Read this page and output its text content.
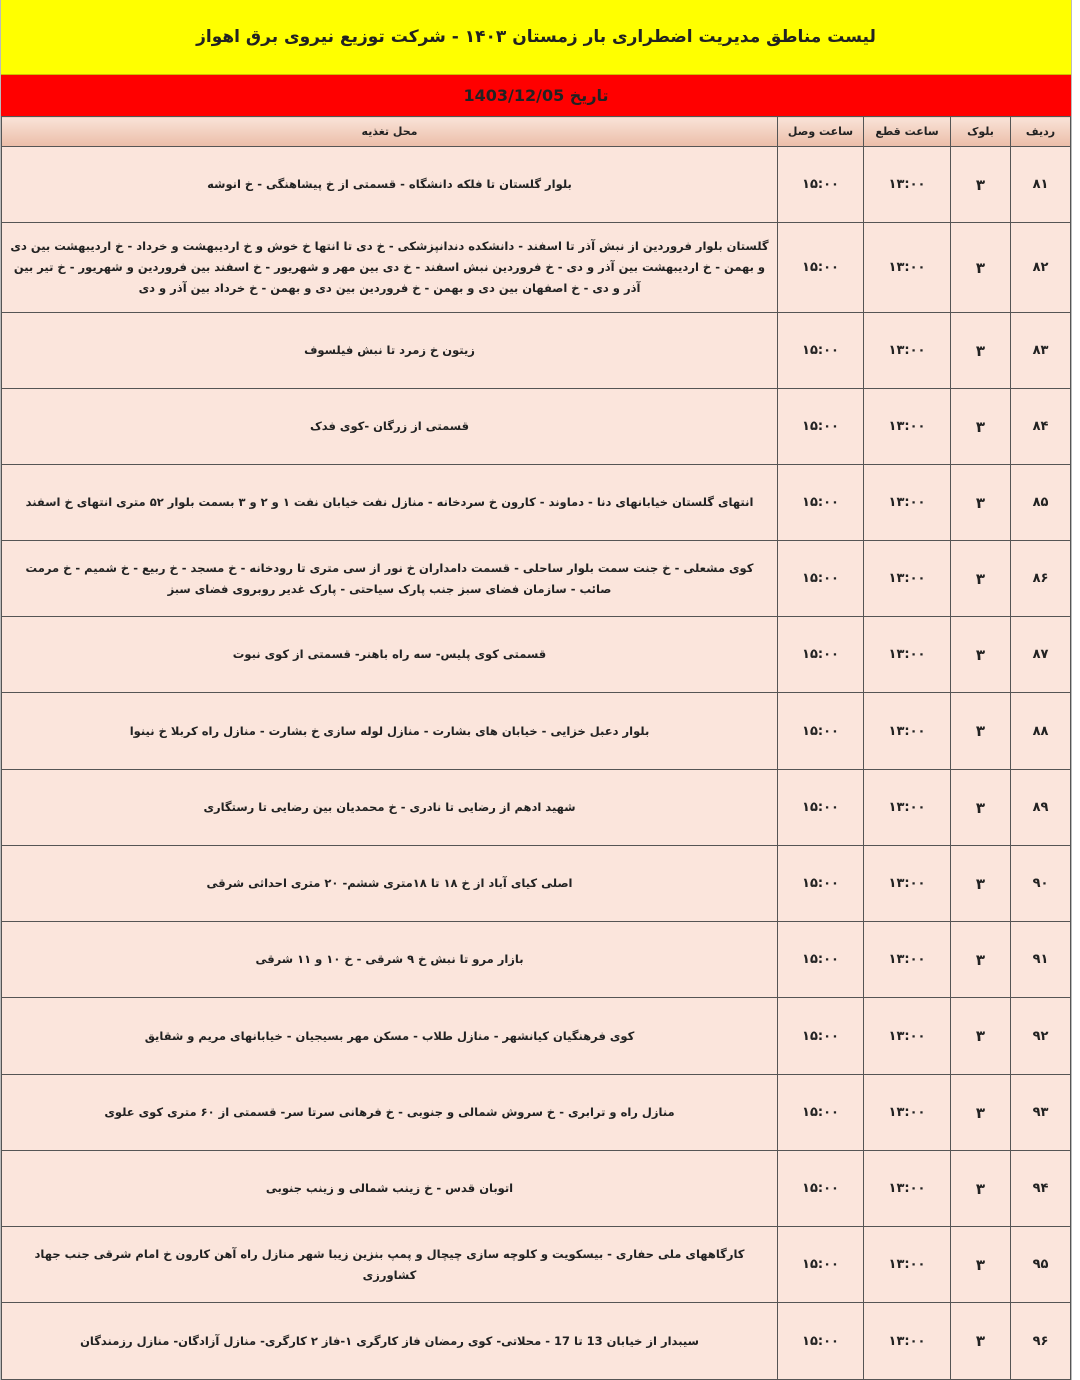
لیست مناطق مدیریت اضطراری بار زمستان ۱۴۰۳ - شرکت توزیع نیروی برق اهواز
تاریخ 1403/12/05
ردیف	بلوک	ساعت قطع	ساعت وصل	محل تغذیه
۸۱	۳	۱۳:۰۰	۱۵:۰۰	بلوار گلستان تا فلکه دانشگاه - قسمتی از خ پیشاهنگی - خ انوشه
۸۲	۳	۱۳:۰۰	۱۵:۰۰	گلستان بلوار فروردین از نبش آذر تا اسفند - دانشکده دندانپزشکی - خ دی تا انتها خ خوش و خ اردیبهشت و خرداد - خ اردیبهشت بین دی و بهمن - خ اردیبهشت بین آذر و دی - خ فروردین نبش اسفند - خ دی بین مهر و شهریور - خ اسفند بین فروردین و شهریور - خ تیر بین آذر و دی - خ اصفهان بین دی و بهمن - خ فروردین بین دی و بهمن - خ خرداد بین آذر و دی
۸۳	۳	۱۳:۰۰	۱۵:۰۰	زیتون خ زمرد تا نبش فیلسوف
۸۴	۳	۱۳:۰۰	۱۵:۰۰	قسمتی از زرگان -کوی فدک
۸۵	۳	۱۳:۰۰	۱۵:۰۰	انتهای گلستان خیابانهای دنا - دماوند - کارون خ سردخانه - منازل نفت خیابان نفت ۱ و ۲ و ۳ بسمت بلوار ۵۲ متری انتهای خ اسفند
۸۶	۳	۱۳:۰۰	۱۵:۰۰	کوی مشعلی - خ جنت سمت بلوار ساحلی - قسمت دامداران خ نور از سی متری تا رودخانه - خ مسجد - خ ربیع - خ شمیم - خ مرمت صائب - سازمان فضای سبز جنب پارک سیاحتی - پارک غدیر روبروی فضای سبز
۸۷	۳	۱۳:۰۰	۱۵:۰۰	قسمتی کوی پلیس- سه راه باهنر- قسمتی از کوی نبوت
۸۸	۳	۱۳:۰۰	۱۵:۰۰	بلوار دعبل خزایی - خیابان های بشارت - منازل لوله سازی خ بشارت - منازل راه کربلا خ نینوا
۸۹	۳	۱۳:۰۰	۱۵:۰۰	شهید ادهم از رضایی تا نادری - خ محمدیان بین رضایی تا رستگاری
۹۰	۳	۱۳:۰۰	۱۵:۰۰	اصلی کیای آباد از خ ۱۸ تا ۱۸متری ششم- ۲۰ متری احداثی شرقی
۹۱	۳	۱۳:۰۰	۱۵:۰۰	بازار مرو تا نبش خ ۹ شرقی - خ ۱۰ و ۱۱ شرقی
۹۲	۳	۱۳:۰۰	۱۵:۰۰	کوی فرهنگیان کیانشهر - منازل طلاب - مسکن مهر بسیجیان - خیابانهای مریم و شقایق
۹۳	۳	۱۳:۰۰	۱۵:۰۰	منازل راه و ترابری - خ سروش شمالی و جنوبی - خ فرهانی سرتا سر- قسمتی از ۶۰ متری کوی علوی
۹۴	۳	۱۳:۰۰	۱۵:۰۰	اتوبان قدس - خ زینب شمالی و زینب جنوبی
۹۵	۳	۱۳:۰۰	۱۵:۰۰	کارگاههای ملی حفاری - بیسکویت و کلوچه سازی چیچال و پمپ بنزین زیبا شهر منازل راه آهن کارون خ امام شرقی جنب جهاد کشاورزی
۹۶	۳	۱۳:۰۰	۱۵:۰۰	سیبدار از خیابان 13 تا 17 - محلاتی- کوی رمضان فاز کارگری ۱-فاز ۲ کارگری- منازل آزادگان- منازل رزمندگان
